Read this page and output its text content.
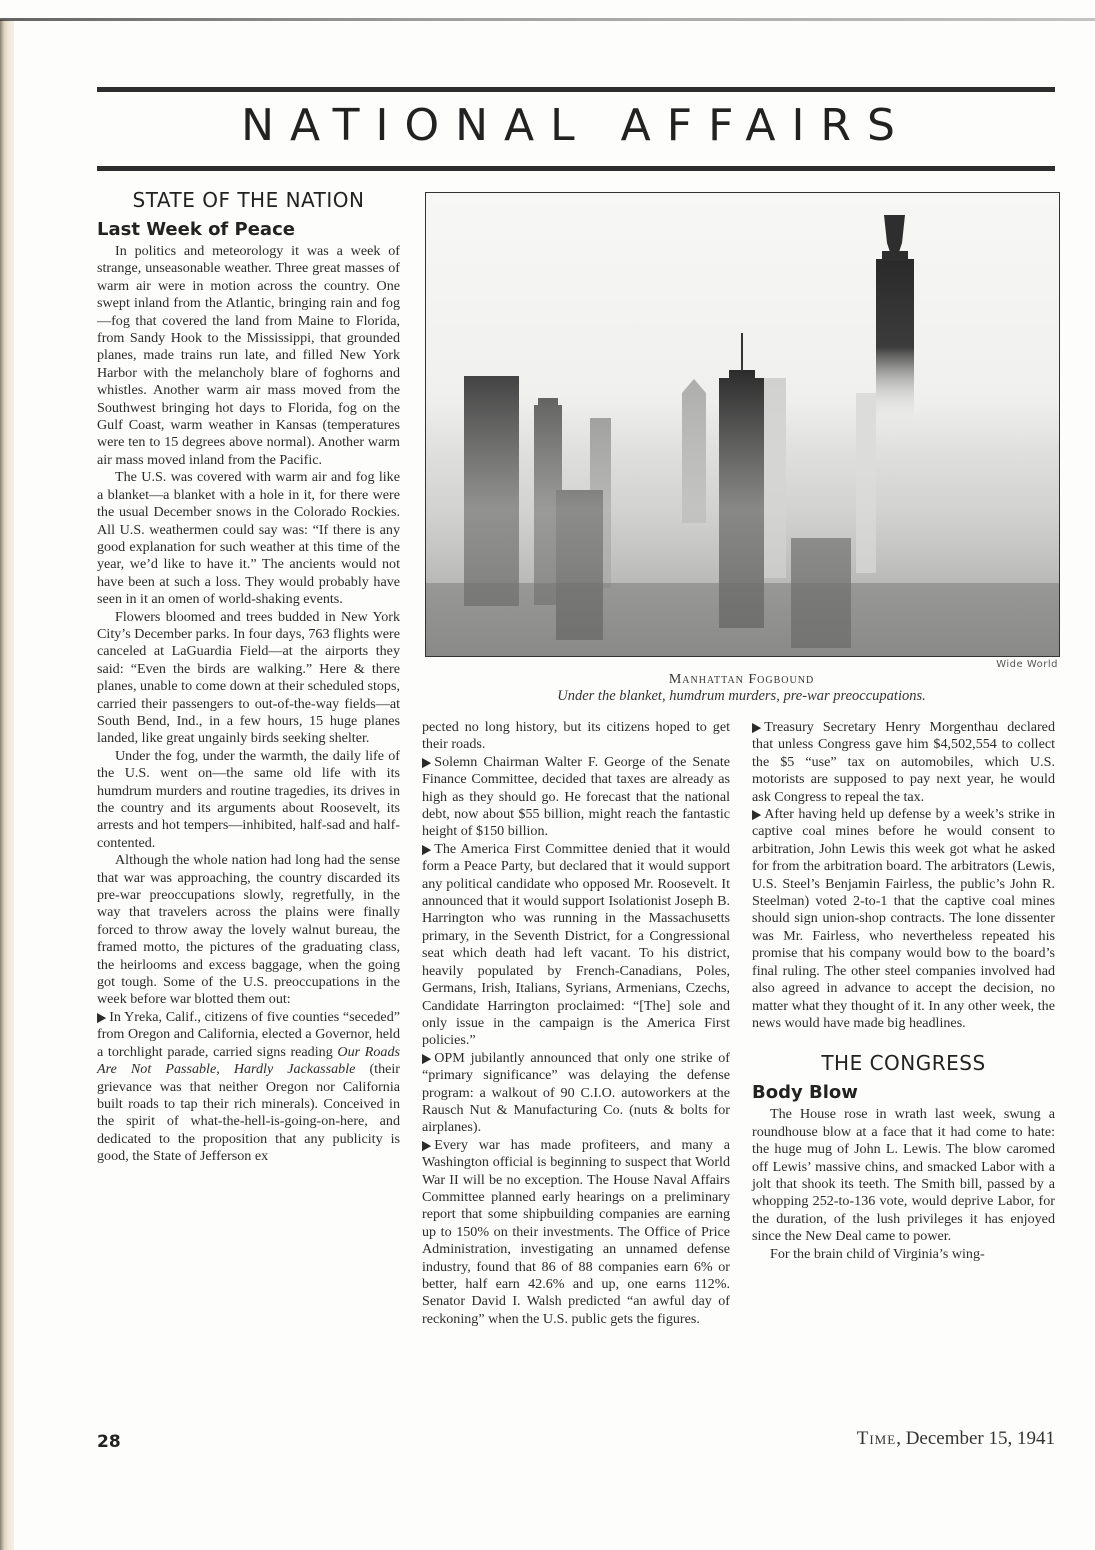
NATIONAL AFFAIRS
STATE OF THE NATION
Last Week of Peace

In politics and meteorology it was a week of strange, unseasonable weather. Three great masses of warm air were in motion across the country. One swept inland from the Atlantic, bringing rain and fog—fog that covered the land from Maine to Florida, from Sandy Hook to the Mississippi, that grounded planes, made trains run late, and filled New York Harbor with the melancholy blare of foghorns and whistles. Another warm air mass moved from the Southwest bringing hot days to Florida, fog on the Gulf Coast, warm weather in Kansas (temperatures were ten to 15 degrees above normal). Another warm air mass moved inland from the Pacific.

The U.S. was covered with warm air and fog like a blanket—a blanket with a hole in it, for there were the usual December snows in the Colorado Rockies. All U.S. weathermen could say was: “If there is any good explanation for such weather at this time of the year, we’d like to have it.” The ancients would not have been at such a loss. They would probably have seen in it an omen of world-shaking events.

Flowers bloomed and trees budded in New York City’s December parks. In four days, 763 flights were canceled at LaGuardia Field—at the airports they said: “Even the birds are walking.” Here & there planes, unable to come down at their scheduled stops, carried their passengers to out-of-the-way fields—at South Bend, Ind., in a few hours, 15 huge planes landed, like great ungainly birds seeking shelter.

Under the fog, under the warmth, the daily life of the U.S. went on—the same old life with its humdrum murders and routine tragedies, its drives in the country and its arguments about Roosevelt, its arrests and hot tempers—inhibited, half-sad and half-contented.

Although the whole nation had long had the sense that war was approaching, the country discarded its pre-war preoccupations slowly, regretfully, in the way that travelers across the plains were finally forced to throw away the lovely walnut bureau, the framed motto, the pictures of the graduating class, the heirlooms and excess baggage, when the going got tough. Some of the U.S. preoccupations in the week before war blotted them out:

▶ In Yreka, Calif., citizens of five counties “seceded” from Oregon and California, elected a Governor, held a torchlight parade, carried signs reading Our Roads Are Not Passable, Hardly Jackassable (their grievance was that neither Oregon nor California built roads to tap their rich minerals). Conceived in the spirit of what-the-hell-is-going-on-here, and dedicated to the proposition that any publicity is good, the State of Jefferson ex

Wide World
Manhattan Fogbound
Under the blanket, humdrum murders, pre-war preoccupations.

pected no long history, but its citizens hoped to get their roads.

▶ Solemn Chairman Walter F. George of the Senate Finance Committee, decided that taxes are already as high as they should go. He forecast that the national debt, now about $55 billion, might reach the fantastic height of $150 billion.

▶ The America First Committee denied that it would form a Peace Party, but declared that it would support any political candidate who opposed Mr. Roosevelt. It announced that it would support Isolationist Joseph B. Harrington who was running in the Massachusetts primary, in the Seventh District, for a Congressional seat which death had left vacant. To his district, heavily populated by French-Canadians, Poles, Germans, Irish, Italians, Syrians, Armenians, Czechs, Candidate Harrington proclaimed: “[The] sole and only issue in the campaign is the America First policies.”

▶ OPM jubilantly announced that only one strike of “primary significance” was delaying the defense program: a walkout of 90 C.I.O. autoworkers at the Rausch Nut & Manufacturing Co. (nuts & bolts for airplanes).

▶ Every war has made profiteers, and many a Washington official is beginning to suspect that World War II will be no exception. The House Naval Affairs Committee planned early hearings on a preliminary report that some shipbuilding companies are earning up to 150% on their investments. The Office of Price Administration, investigating an unnamed defense industry, found that 86 of 88 companies earn 6% or better, half earn 42.6% and up, one earns 112%. Senator David I. Walsh predicted “an awful day of reckoning” when the U.S. public gets the figures.

▶ Treasury Secretary Henry Morgenthau declared that unless Congress gave him $4,502,554 to collect the $5 “use” tax on automobiles, which U.S. motorists are supposed to pay next year, he would ask Congress to repeal the tax.

▶ After having held up defense by a week’s strike in captive coal mines before he would consent to arbitration, John Lewis this week got what he asked for from the arbitration board. The arbitrators (Lewis, U.S. Steel’s Benjamin Fairless, the public’s John R. Steelman) voted 2-to-1 that the captive coal mines should sign union-shop contracts. The lone dissenter was Mr. Fairless, who nevertheless repeated his promise that his company would bow to the board’s final ruling. The other steel companies involved had also agreed in advance to accept the decision, no matter what they thought of it. In any other week, the news would have made big headlines.

THE CONGRESS
Body Blow

The House rose in wrath last week, swung a roundhouse blow at a face that it had come to hate: the huge mug of John L. Lewis. The blow caromed off Lewis’ massive chins, and smacked Labor with a jolt that shook its teeth. The Smith bill, passed by a whopping 252-to-136 vote, would deprive Labor, for the duration, of the lush privileges it has enjoyed since the New Deal came to power.

For the brain child of Virginia’s wing-

28	Time, December 15, 1941
